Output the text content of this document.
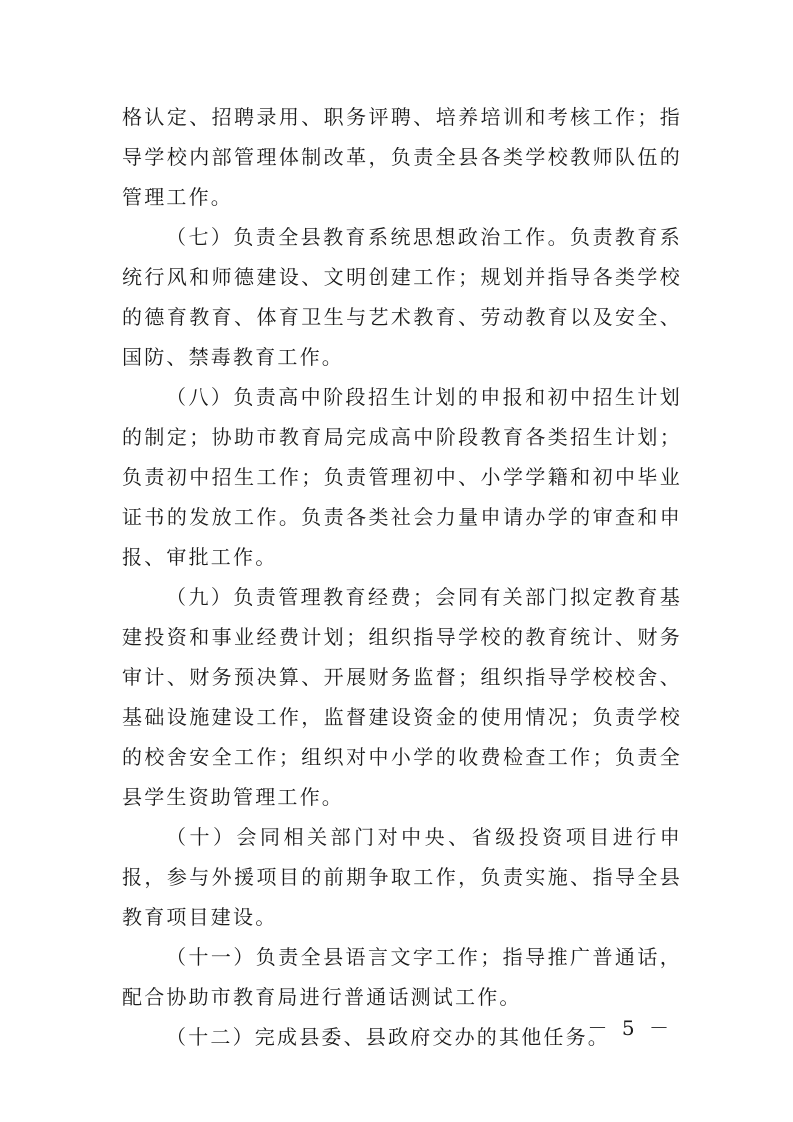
格认定、招聘录用、职务评聘、培养培训和考核工作；指导学校内部管理体制改革，负责全县各类学校教师队伍的管理工作。

（七）负责全县教育系统思想政治工作。负责教育系统行风和师德建设、文明创建工作；规划并指导各类学校的德育教育、体育卫生与艺术教育、劳动教育以及安全、国防、禁毒教育工作。

（八）负责高中阶段招生计划的申报和初中招生计划的制定；协助市教育局完成高中阶段教育各类招生计划；负责初中招生工作；负责管理初中、小学学籍和初中毕业证书的发放工作。负责各类社会力量申请办学的审查和申报、审批工作。

（九）负责管理教育经费；会同有关部门拟定教育基建投资和事业经费计划；组织指导学校的教育统计、财务审计、财务预决算、开展财务监督；组织指导学校校舍、基础设施建设工作，监督建设资金的使用情况；负责学校的校舍安全工作；组织对中小学的收费检查工作；负责全县学生资助管理工作。

（十）会同相关部门对中央、省级投资项目进行申报，参与外援项目的前期争取工作，负责实施、指导全县教育项目建设。

（十一）负责全县语言文字工作；指导推广普通话，配合协助市教育局进行普通话测试工作。

（十二）完成县委、县政府交办的其他任务。

－ 5 －
